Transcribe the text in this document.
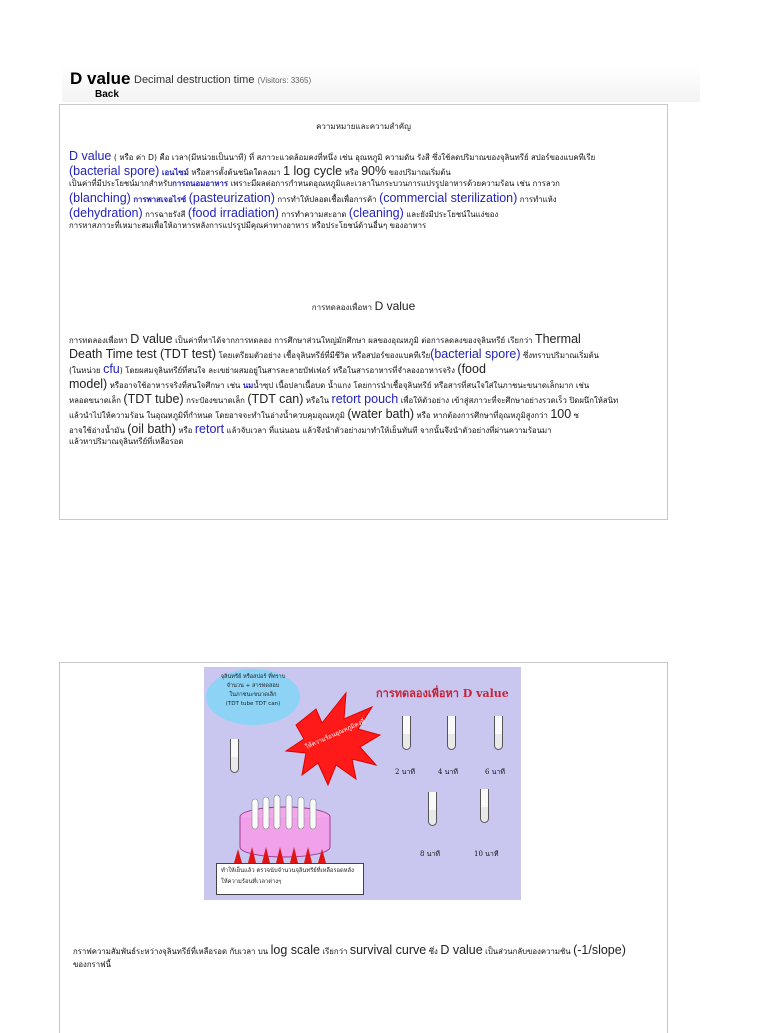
D value Decimal destruction time (Visitors: 3365)
Back
ความหมายและความสำคัญ
D value ( หรือ ค่า D) คือ เวลา(มีหน่วยเป็นนาที) ที่ สภาวะแวดล้อมคงที่หนึ่ง เช่น อุณหภูมิ ความดัน รังสี ซึ่งใช้ลดปริมาณของจุลินทรีย์ สปอร์ของแบคทีเรีย
(bacterial spore) เอนไซม์ หรือสารตั้งต้นชนิดใดลงมา 1 log cycle หรือ 90% ของปริมาณเริ่มต้น
เป็นค่าที่มีประโยชน์มากสำหรับการถนอมอาหาร เพราะมีผลต่อการกำหนดอุณหภูมิและเวลาในกระบวนการแปรรูปอาหารด้วยความร้อน เช่น การลวก
(blanching) การพาสเจอไรซ์ (pasteurization) การทำให้ปลอดเชื้อเพื่อการค้า (commercial sterilization) การทำแห้ง
(dehydration) การฉายรังสี (food irradiation) การทำความสะอาด (cleaning) และยังมีประโยชน์ในแง่ของ
การหาสภาวะที่เหมาะสมเพื่อให้อาหารหลังการแปรรูปมีคุณค่าทางอาหาร หรือประโยชน์ด้านอื่นๆ ของอาหาร
การทดลองเพื่อหา D value
การทดลองเพื่อหา D value เป็นค่าที่หาได้จากการทดลอง การศึกษาส่วนใหญ่มักศึกษา ผลของอุณหภูมิ ต่อการลดลงของจุลินทรีย์ เรียกว่า Thermal
Death Time test (TDT test) โดยเตรียมตัวอย่าง เชื้อจุลินทรีย์ที่มีชีวิต หรือสปอร์ของแบคทีเรีย(bacterial spore) ซึ่งทราบปริมาณเริ่มต้น
(ในหน่วย cfu) โดยผสมจุลินทรีย์ที่สนใจ ละเขย่าผสมอยู่ในสารละลายบัฟเฟอร์ หรือในสารอาหารที่จำลองอาหารจริง (food
model) หรืออาจใช้อาหารจริงที่สนใจศึกษา เช่น นมน้ำซุป เนื้อปลาเนื้อบด น้ำแกง โดยการนำเชื้อจุลินทรีย์ หรือสารที่สนใจใส่ในภาชนะขนาดเล็กมาก เช่น
หลอดขนาดเล็ก (TDT tube) กระป๋องขนาดเล็ก (TDT can) หรือใน retort pouch เพื่อให้ตัวอย่าง เข้าสู่สภาวะที่จะศึกษาอย่างรวดเร็ว ปิดผนึกให้สนิท
แล้วนำไปให้ความร้อน ในอุณหภูมิที่กำหนด โดยอาจจะทำในอ่างน้ำควบคุมอุณหภูมิ (water bath) หรือ หากต้องการศึกษาที่อุณหภูมิสูงกว่า 100 ซ
อาจใช้อ่างน้ำมัน (oil bath) หรือ retort แล้วจับเวลา ที่แน่นอน แล้วจึงนำตัวอย่างมาทำให้เย็นทันที จากนั้นจึงนำตัวอย่างที่ผ่านความร้อนมา
แล้วหาปริมาณจุลินทรีย์ที่เหลือรอด
จุลินทรีย์ หรือสปอร์ ที่ทราบ
จำนวน + สารทดสอบ
ในภาชนะขนาดเล็ก
(TDT tube TDT can)
การทดลองเพื่อหา D value
ให้ความร้อนอุณหภูมิคงที่
2 นาที	4 นาที	6 นาที
8 นาที	10 นาที
ทำให้เย็นแล้ว ตรวจนับจำนวนจุลินทรีย์ที่เหลือรอดหลังให้ความร้อนที่เวลาต่างๆ
กราฟความสัมพันธ์ระหว่างจุลินทรีย์ที่เหลือรอด กับเวลา บน log scale เรียกว่า survival curve ซึ่ง D value เป็นส่วนกลับของความชัน (-1/slope) ของกราฟนี้
